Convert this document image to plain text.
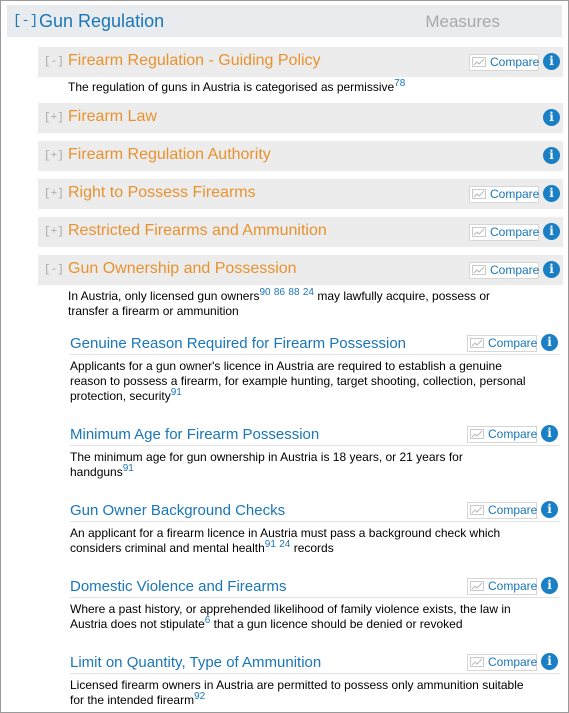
[-] Gun Regulation	Measures
[-] Firearm Regulation - Guiding Policy	Compare i
The regulation of guns in Austria is categorised as permissive$^{78}$
[+] Firearm Law	i
[+] Firearm Regulation Authority	i
[+] Right to Possess Firearms	Compare i
[+] Restricted Firearms and Ammunition	Compare i
[-] Gun Ownership and Possession	Compare i
In Austria, only licensed gun owners$^{90}$ $^{86}$ $^{88}$ $^{24}$ may lawfully acquire, possess or
transfer a firearm or ammunition
Genuine Reason Required for Firearm Possession	Compare i
Applicants for a gun owner's licence in Austria are required to establish a genuine
reason to possess a firearm, for example hunting, target shooting, collection, personal
protection, security$^{91}$
Minimum Age for Firearm Possession	Compare i
The minimum age for gun ownership in Austria is 18 years, or 21 years for
handguns$^{91}$
Gun Owner Background Checks	Compare i
An applicant for a firearm licence in Austria must pass a background check which
considers criminal and mental health$^{91}$ $^{24}$ records
Domestic Violence and Firearms	Compare i
Where a past history, or apprehended likelihood of family violence exists, the law in
Austria does not stipulate$^6$ that a gun licence should be denied or revoked
Limit on Quantity, Type of Ammunition	Compare i
Licensed firearm owners in Austria are permitted to possess only ammunition suitable
for the intended firearm$^{92}$
